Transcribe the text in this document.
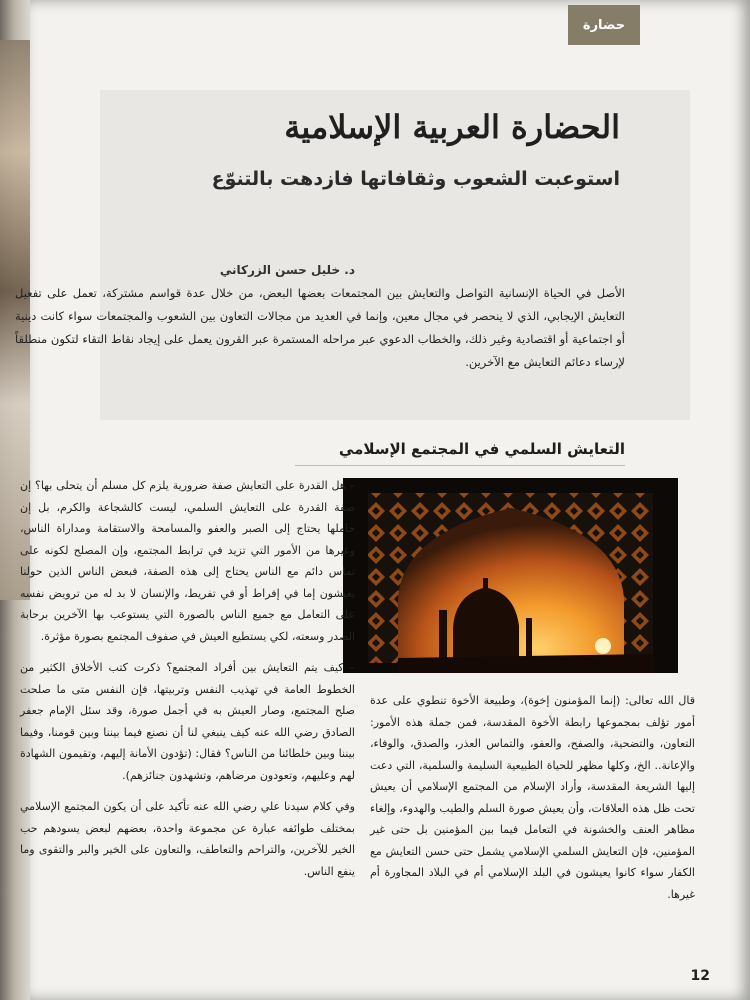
حضارة
الحضارة العربية الإسلامية
استوعبت الشعوب وثقافاتها فازدهت بالتنوّع
د. خليل حسن الزركاني

الأصل في الحياة الإنسانية التواصل والتعايش بين المجتمعات بعضها البعض، من خلال عدة قواسم مشتركة، تعمل على تفعيل التعايش الإيجابي، الذي لا ينحصر في مجال معين، وإنما في العديد من مجالات التعاون بين الشعوب والمجتمعات سواء كانت دينية أو اجتماعية أو اقتصادية وغير ذلك، والخطاب الدعوي عبر مراحله المستمرة عبر القرون يعمل على إيجاد نقاط التقاء لتكون منطلقاً لإرساء دعائم التعايش مع الآخرين.

التعايش السلمي في المجتمع الإسلامي

– هل القدرة على التعايش صفة ضرورية يلزم كل مسلم أن يتحلى بها؟ إن صفة القدرة على التعايش السلمي، ليست كالشجاعة والكرم، بل إن حاملها يحتاج إلى الصبر والعفو والمسامحة والاستقامة ومداراة الناس، وغيرها من الأمور التي تزيد في ترابط المجتمع، وإن المصلح لكونه على تماس دائم مع الناس يحتاج إلى هذه الصفة، فبعض الناس الذين حولنا يعيشون إما في إفراط أو في تفريط، والإنسان لا بد له من ترويض نفسه على التعامل مع جميع الناس بالصورة التي يستوعب بها الآخرين برحابة الصدر وسعته، لكي يستطيع العيش في صفوف المجتمع بصورة مؤثرة.

– كيف يتم التعايش بين أفراد المجتمع؟ ذكرت كتب الأخلاق الكثير من الخطوط العامة في تهذيب النفس وتربيتها، فإن النفس متى ما صلحت صلح المجتمع، وصار العيش به في أجمل صورة، وقد سئل الإمام جعفر الصادق رضي الله عنه كيف ينبغي لنا أن نصنع فيما بيننا وبين قومنا، وفيما بيننا وبين خلطائنا من الناس؟ فقال: (تؤدون الأمانة إليهم، وتقيمون الشهادة لهم وعليهم، وتعودون مرضاهم، وتشهدون جنائزهم).

وفي كلام سيدنا علي رضي الله عنه تأكيد على أن يكون المجتمع الإسلامي بمختلف طوائفه عبارة عن مجموعة واحدة، بعضهم لبعض يسودهم حب الخير للآخرين، والتراحم والتعاطف، والتعاون على الخير والبر والتقوى وما ينفع الناس.

قال الله تعالى: (إنما المؤمنون إخوة)، وطبيعة الأخوة تنطوي على عدة أمور تؤلف بمجموعها رابطة الأخوة المقدسة، فمن جملة هذه الأمور: التعاون، والتضحية، والصفح، والعفو، والتماس العذر، والصدق، والوفاء، والإعانة.. الخ، وكلها مظهر للحياة الطبيعية السليمة والسلمية، التي دعت إليها الشريعة المقدسة، وأراد الإسلام من المجتمع الإسلامي أن يعيش تحت ظل هذه العلاقات، وأن يعيش صورة السلم والطيب والهدوء، وإلغاء مظاهر العنف والخشونة في التعامل فيما بين المؤمنين بل حتى غير المؤمنين، فإن التعايش السلمي الإسلامي يشمل حتى حسن التعايش مع الكفار سواء كانوا يعيشون في البلد الإسلامي أم في البلاد المجاورة أم غيرها.

12
